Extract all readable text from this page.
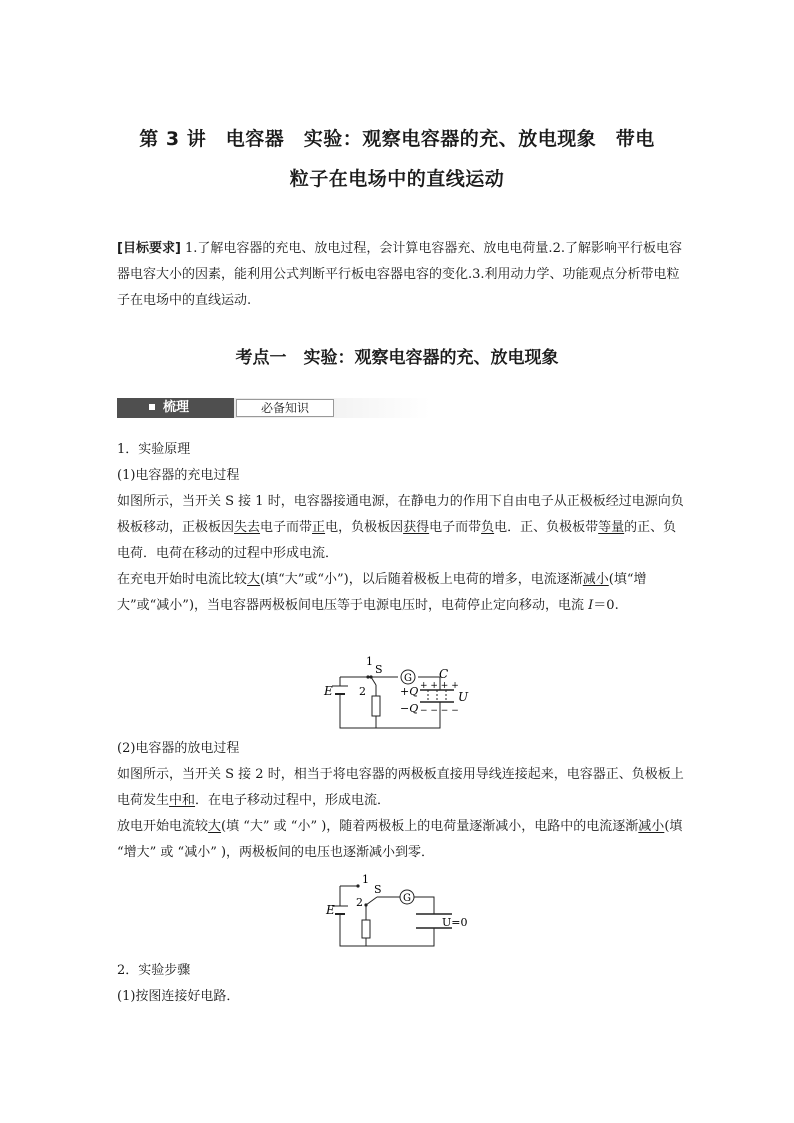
第 3 讲　电容器　实验：观察电容器的充、放电现象　带电
粒子在电场中的直线运动
[目标要求] 1.了解电容器的充电、放电过程，会计算电容器充、放电电荷量.2.了解影响平行板电容器电容大小的因素，能利用公式判断平行板电容器电容的变化.3.利用动力学、功能观点分析带电粒子在电场中的直线运动.
考点一　实验：观察电容器的充、放电现象
梳理	必备知识

1．实验原理

(1)电容器的充电过程

如图所示，当开关 S 接 1 时，电容器接通电源，在静电力的作用下自由电子从正极板经过电源向负极板移动，正极板因失去电子而带正电，负极板因获得电子而带负电．正、负极板带等量的正、负电荷．电荷在移动的过程中形成电流．

在充电开始时电流比较大(填“大”或“小”)，以后随着极板上电荷的增多，电流逐渐减小(填“增大”或“减小”)，当电容器两极板间电压等于电源电压时，电荷停止定向移动，电流 I＝0.

E
1
2
S
G C
+Q
−Q
+ + + +
− − − −
U

(2)电容器的放电过程

如图所示，当开关 S 接 2 时，相当于将电容器的两极板直接用导线连接起来，电容器正、负极板上电荷发生中和．在电子移动过程中，形成电流．

放电开始电流较大(填 “大” 或 “小” )，随着两极板上的电荷量逐渐减小，电路中的电流逐渐减小(填 “增大” 或 “减小” )，两极板间的电压也逐渐减小到零．

E
1
2
S
G
U=0

2．实验步骤

(1)按图连接好电路．
